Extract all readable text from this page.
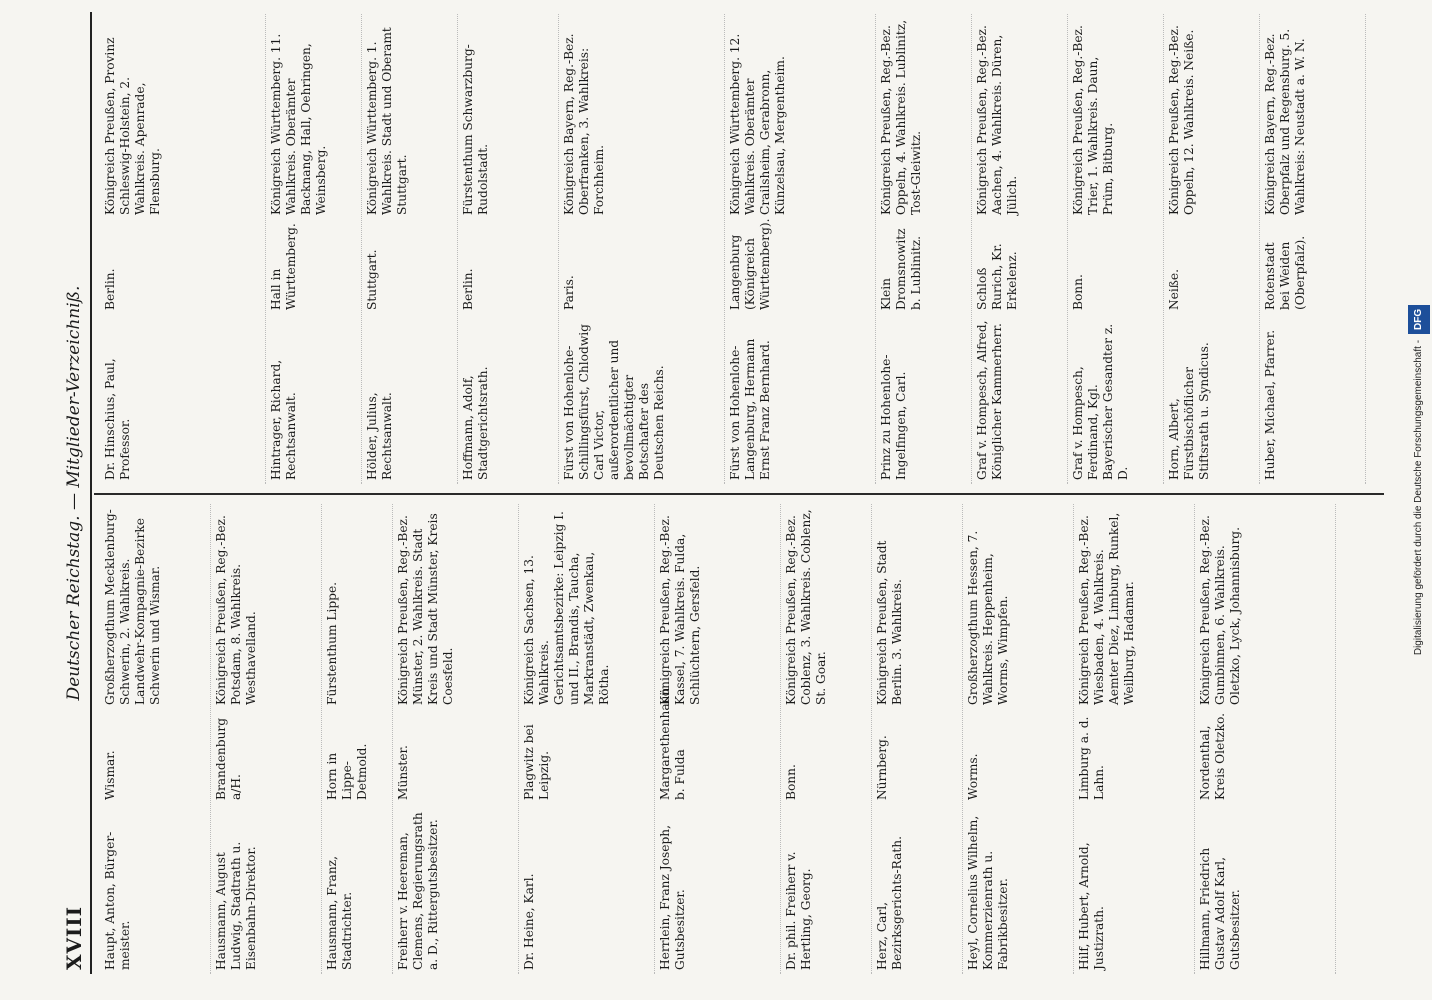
XVIII
Deutscher Reichstag. — Mitglieder-Verzeichniß.
Haupt, Anton, Bürger-meister.
Wismar.
Großherzogthum Mecklenburg-Schwerin, 2. Wahlkreis. Landwehr-Kompagnie-Bezirke Schwerin und Wismar.
Hausmann, August Ludwig, Stadtrath u. Eisenbahn-Direktor.
Brandenburg a/H.
Königreich Preußen, Reg.-Bez. Potsdam, 8. Wahlkreis. Westhavelland.
Hausmann, Franz, Stadtrichter.
Horn in Lippe-Detmold.
Fürstenthum Lippe.
Freiherr v. Heereman, Clemens, Regierungsrath a. D., Rittergutsbesitzer.
Münster.
Königreich Preußen, Reg.-Bez. Münster, 2. Wahlkreis. Stadt Kreis und Stadt Münster, Kreis Coesfeld.
Dr. Heine, Karl.
Plagwitz bei Leipzig.
Königreich Sachsen, 13. Wahlkreis. Gerichtsamtsbezirke: Leipzig I. und II., Brandis, Taucha, Markranstädt, Zwenkau, Rötha.
Herrlein, Franz Joseph, Gutsbesitzer.
Margarethenhaun b. Fulda
Königreich Preußen, Reg.-Bez. Kassel, 7. Wahlkreis. Fulda, Schlüchtern, Gersfeld.
Dr. phil. Freiherr v. Hertling, Georg.
Bonn.
Königreich Preußen, Reg.-Bez. Coblenz, 3. Wahlkreis. Coblenz, St. Goar.
Herz, Carl, Bezirksgerichts-Rath.
Nürnberg.
Königreich Preußen, Stadt Berlin. 3. Wahlkreis.
Heyl, Cornelius Wilhelm, Kommerzienrath u. Fabrikbesitzer.
Worms.
Großherzogthum Hessen, 7. Wahlkreis. Heppenheim, Worms, Wimpfen.
Hilf, Hubert, Arnold, Justizrath.
Limburg a. d. Lahn.
Königreich Preußen, Reg.-Bez. Wiesbaden, 4. Wahlkreis. Aemter Diez, Limburg, Runkel, Weilburg, Hadamar.
Hillmann, Friedrich Gustav Adolf Karl, Gutsbesitzer.
Nordenthal, Kreis Oletzko.
Königreich Preußen, Reg.-Bez. Gumbinnen, 6. Wahlkreis. Oletzko, Lyck, Johannisburg.
Dr. Hinschius, Paul, Professor.
Berlin.
Königreich Preußen, Provinz Schleswig-Holstein, 2. Wahlkreis. Apenrade, Flensburg.
Hintrager, Richard, Rechtsanwalt.
Hall in Württemberg.
Königreich Württemberg. 11. Wahlkreis. Oberämter Backnang, Hall, Oehringen, Weinsberg.
Hölder, Julius, Rechtsanwalt.
Stuttgart.
Königreich Württemberg. 1. Wahlkreis. Stadt und Oberamt Stuttgart.
Hoffmann, Adolf, Stadtgerichtsrath.
Berlin.
Fürstenthum Schwarzburg-Rudolstadt.
Fürst von Hohenlohe-Schillingsfürst, Chlodwig Carl Victor, außerordentlicher und bevollmächtigter Botschafter des Deutschen Reichs.
Paris.
Königreich Bayern, Reg.-Bez. Oberfranken, 3. Wahlkreis: Forchheim.
Fürst von Hohenlohe-Langenburg, Hermann Ernst Franz Bernhard.
Langenburg (Königreich Württemberg).
Königreich Württemberg. 12. Wahlkreis. Oberämter Crailsheim, Gerabronn, Künzelsau, Mergentheim.
Prinz zu Hohenlohe-Ingelfingen, Carl.
Klein Dromsnowitz b. Lublinitz.
Königreich Preußen, Reg.-Bez. Oppeln, 4. Wahlkreis. Lublinitz, Tost-Gleiwitz.
Graf v. Hompesch, Alfred, Königlicher Kammerherr.
Schloß Rurich, Kr. Erkelenz.
Königreich Preußen, Reg.-Bez. Aachen, 4. Wahlkreis. Düren, Jülich.
Graf v. Hompesch, Ferdinand, Kgl. Bayerischer Gesandter z. D.
Bonn.
Königreich Preußen, Reg.-Bez. Trier, 1. Wahlkreis. Daun, Prüm, Bitburg.
Horn, Albert, Fürstbischöflicher Stiftsrath u. Syndicus.
Neiße.
Königreich Preußen, Reg.-Bez. Oppeln, 12. Wahlkreis. Neiße.
Huber, Michael, Pfarrer.
Rotenstadt bei Weiden (Oberpfalz).
Königreich Bayern, Reg.-Bez. Oberpfalz und Regensburg. 5. Wahlkreis: Neustadt a. W. N.
Digitalisierung gefördert durch die Deutsche Forschungsgemeinschaft -DFG
